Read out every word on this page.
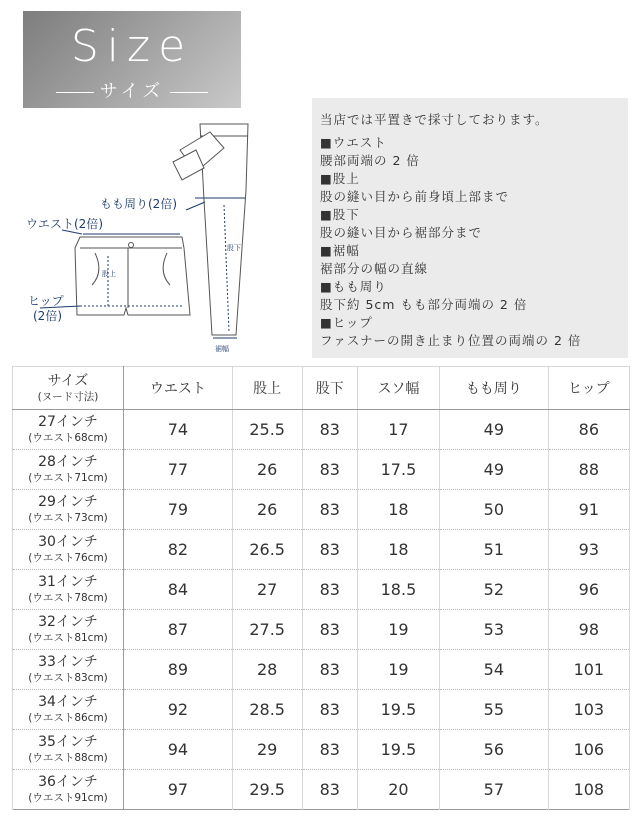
Size
サイズ
もも周り(2倍)
ウエスト(2倍)
ヒップ
(2倍)
股上
股下
裾幅
当店では平置きで採寸しております。
■ウエスト
腰部両端の 2 倍
■股上
股の縫い目から前身頃上部まで
■股下
股の縫い目から裾部分まで
■裾幅
裾部分の幅の直線
■もも周り
股下約 5cm もも部分両端の 2 倍
■ヒップ
ファスナーの開き止まり位置の両端の 2 倍
サイズ
(ヌード寸法)	ウエスト	股上	股下	スソ幅	もも周り	ヒップ

27インチ
(ウエスト68cm)	74	25.5	83	17	49	86

28インチ
(ウエスト71cm)	77	26	83	17.5	49	88

29インチ
(ウエスト73cm)	79	26	83	18	50	91

30インチ
(ウエスト76cm)	82	26.5	83	18	51	93

31インチ
(ウエスト78cm)	84	27	83	18.5	52	96

32インチ
(ウエスト81cm)	87	27.5	83	19	53	98

33インチ
(ウエスト83cm)	89	28	83	19	54	101

34インチ
(ウエスト86cm)	92	28.5	83	19.5	55	103

35インチ
(ウエスト88cm)	94	29	83	19.5	56	106

36インチ
(ウエスト91cm)	97	29.5	83	20	57	108
